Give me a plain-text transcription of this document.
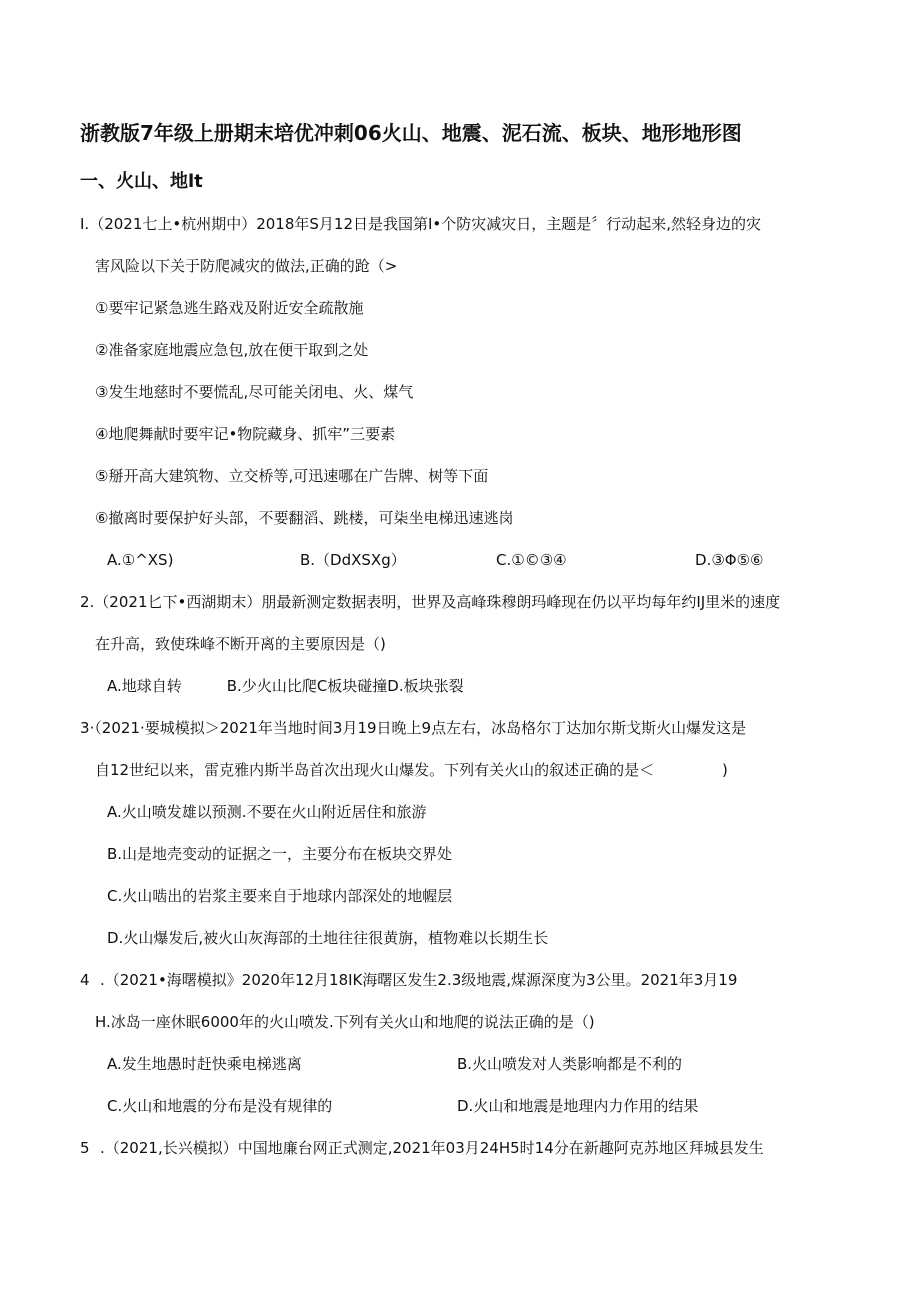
浙教版7年级上册期末培优冲刺06火山、地震、泥石流、板块、地形地形图
一、火山、地lt
I.（2021七上•杭州期中）2018年S月12日是我国第I•个防灾减灾日，主题是〞行动起来,然轻身边的灾
害风险以下关于防爬减灾的做法,正确的跄（>
①要牢记紧急逃生路戏及附近安全疏散施
②准备家庭地震应急包,放在便干取到之处
③发生地慈时不要慌乱,尽可能关闭电、火、煤气
④地爬舞献时要牢记•物院藏身、抓牢”三要素
⑤掰开高大建筑物、立交桥等,可迅速哪在广告牌、树等下面
⑥撤离时要保护好头部，不要翻滔、跳楼，可柒坐电梯迅速逃岗
A.①^XS)	B.（DdXSXg）	C.①©③④	D.③Φ⑤⑥
2.（2021匕下•西湖期末）朋最新测定数据表明，世界及高峰珠穆朗玛峰现在仍以平均每年约IJ里米的速度
在升高，致使珠峰不断开离的主要原因是（)
A.地球自转　　　B.少火山比爬C板块碰撞D.板块张裂
3·（2021·要城模拟＞2021年当地时间3月19日晚上9点左右，冰岛格尔丁达加尔斯戈斯火山爆发这是
自12世纪以来，雷克雅内斯半岛首次出现火山爆发。下列有关火山的叙述正确的是＜	)
A.火山喷发雄以预测.不要在火山附近居住和旅游
B.山是地壳变动的证据之一，主要分布在板块交界处
C.火山啮出的岩浆主要来自于地球内部深处的地幄层
D.火山爆发后,被火山灰海部的土地往往很黄旃，植物难以长期生长
4 .（2021•海曙模拟》2020年12月18IK海曙区发生2.3级地震,煤源深度为3公里。2021年3月19
H.冰岛一座休眠6000年的火山喷发.下列有关火山和地爬的说法正确的是（)
A.发生地愚时赶快乘电梯逃离	B.火山喷发对人类影响都是不利的
C.火山和地震的分布是没有规律的	D.火山和地震是地理内力作用的结果
5 .（2021,长兴模拟）中国地廉台网正式测定,2021年03月24H5时14分在新趣阿克苏地区拜城县发生
